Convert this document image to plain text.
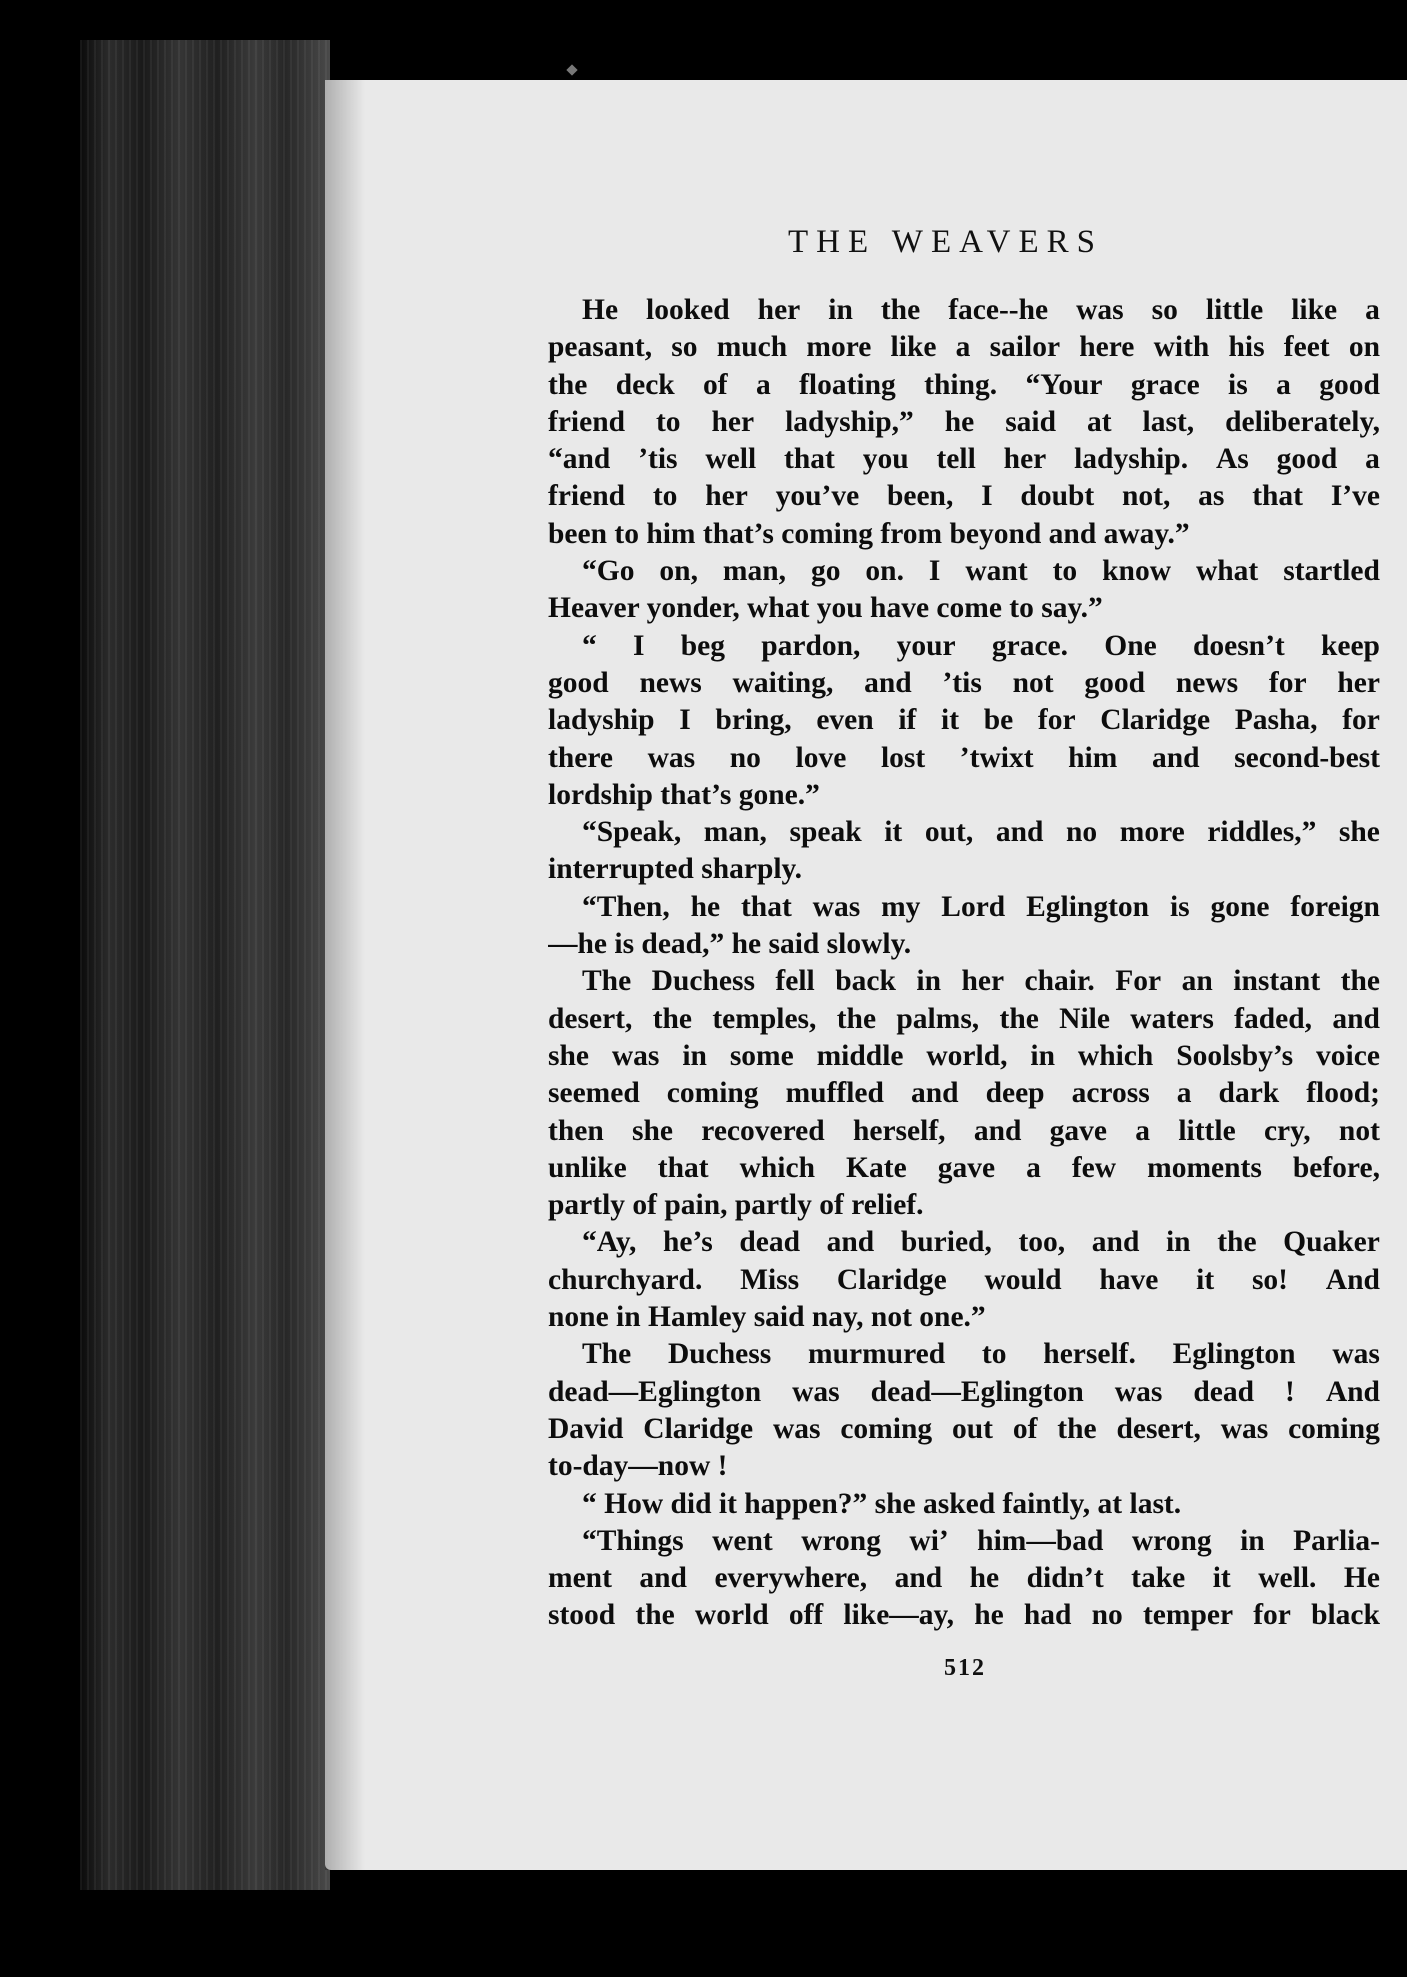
THE WEAVERS
He looked her in the face--he was so little like a
peasant, so much more like a sailor here with his feet on
the deck of a floating thing. “Your grace is a good
friend to her ladyship,” he said at last, deliberately,
“and ’tis well that you tell her ladyship. As good a
friend to her you’ve been, I doubt not, as that I’ve
been to him that’s coming from beyond and away.”
“Go on, man, go on. I want to know what startled
Heaver yonder, what you have come to say.”
“ I beg pardon, your grace. One doesn’t keep
good news waiting, and ’tis not good news for her
ladyship I bring, even if it be for Claridge Pasha, for
there was no love lost ’twixt him and second-best
lordship that’s gone.”
“Speak, man, speak it out, and no more riddles,” she
interrupted sharply.
“Then, he that was my Lord Eglington is gone foreign
—he is dead,” he said slowly.
The Duchess fell back in her chair. For an instant the
desert, the temples, the palms, the Nile waters faded, and
she was in some middle world, in which Soolsby’s voice
seemed coming muffled and deep across a dark flood;
then she recovered herself, and gave a little cry, not
unlike that which Kate gave a few moments before,
partly of pain, partly of relief.
“Ay, he’s dead and buried, too, and in the Quaker
churchyard. Miss Claridge would have it so! And
none in Hamley said nay, not one.”
The Duchess murmured to herself. Eglington was
dead—Eglington was dead—Eglington was dead ! And
David Claridge was coming out of the desert, was coming
to-day—now !
“ How did it happen?” she asked faintly, at last.
“Things went wrong wi’ him—bad wrong in Parlia-
ment and everywhere, and he didn’t take it well. He
stood the world off like—ay, he had no temper for black
512
